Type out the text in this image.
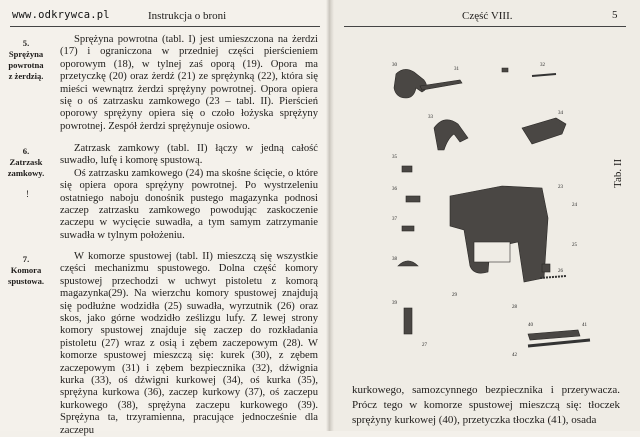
www.odkrywca.pl	Instrukcja o broni
5.
Sprężyna
powrotna
z żerdzią.

Sprężyna powrotna (tabl. I) jest umieszczona na żerdzi (17) i ograniczona w przedniej części pierścieniem oporowym (18), w tylnej zaś oporą (19). Opora ma przetyczkę (20) oraz żerdź (21) ze sprężynką (22), która się mieści wewnątrz żerdzi sprężyny powrotnej. Opora opiera się o oś zatrzasku zamkowego (23 – tabl. II). Pierścień oporowy sprężyny opiera się o czoło łożyska sprężyny powrotnej. Zespół żerdzi sprężynuje osiowo.

6.
Zatrzask
zamkowy.
!

Zatrzask zamkowy (tabl. II) łączy w jedną całość suwadło, lufę i komorę spustową.

Oś zatrzasku zamkowego (24) ma skośne ścięcie, o które się opiera opora sprężyny powrotnej. Po wystrzeleniu ostatniego naboju donośnik pustego magazynka podnosi zaczep zatrzasku zamkowego powodując zaskoczenie zaczepu w wycięcie suwadła, a tym samym zatrzymanie suwadła w tylnym położeniu.

7.
Komora
spustowa.

W komorze spustowej (tabl. II) mieszczą się wszystkie części mechanizmu spustowego. Dolna część komory spustowej przechodzi w uchwyt pistoletu z komorą magazynka(29). Na wierzchu komory spustowej znajdują się podłużne wodzidła (25) suwadła, wyrzutnik (26) oraz skos, jako górne wodzidło ześlizgu lufy. Z lewej strony komory spustowej znajduje się zaczep do rozkładania pistoletu (27) wraz z osią i zębem zaczepowym (28). W komorze spustowej mieszczą się: kurek (30), z zębem zaczepowym (31) i zębem bezpiecznika (32), dźwignia kurka (33), oś dźwigni kurkowej (34), oś kurka (35), sprężyna kurkowa (36), zaczep kurkowy (37), oś zaczepu kurkowego (38), sprężyna zaczepu kurkowego (39). Sprężyna ta, trzyramienna, pracujące jednocześnie dla zaczepu

Część VIII.	5
30
31
32
33
34
35
36
37
38
39
23
24
25
26
27
28
29
40	41
42
Tab. II

kurkowego, samozcynnego bezpiecznika i przerywacza. Prócz tego w komorze spustowej mieszczą się: tłoczek sprężyny kurkowej (40), przetyczka tłoczka (41), osada
